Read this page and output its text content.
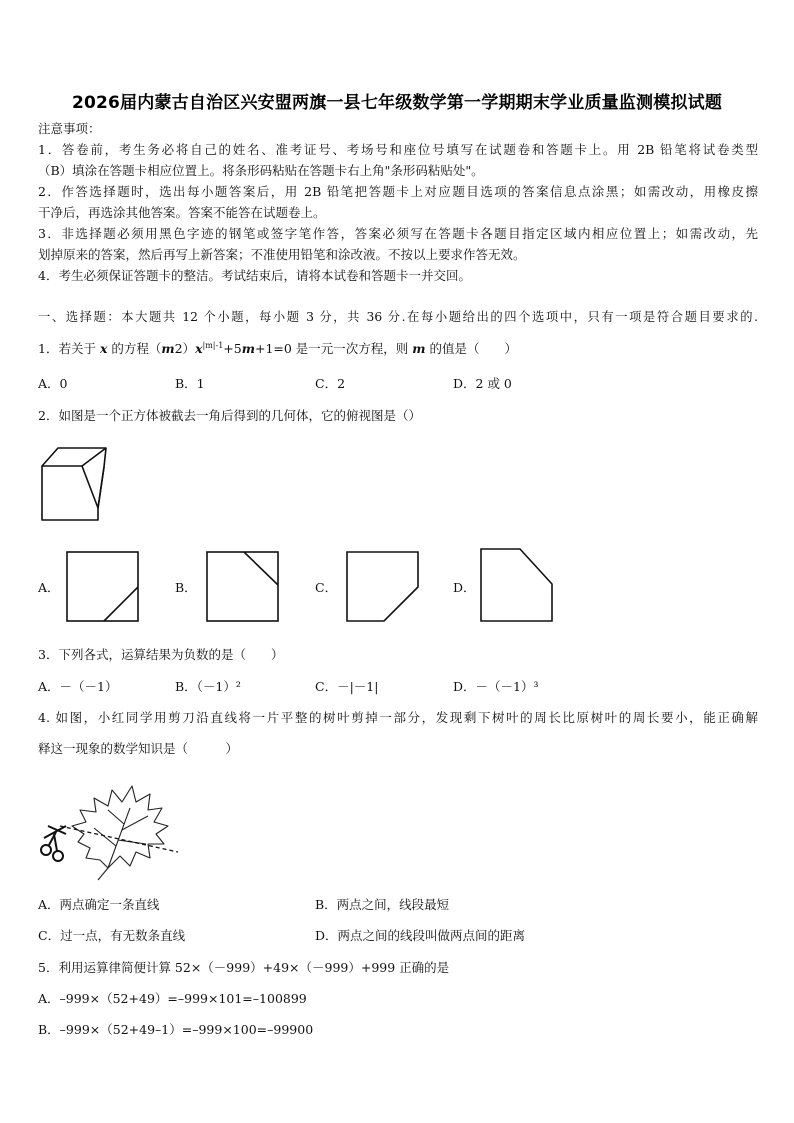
2026届内蒙古自治区兴安盟两旗一县七年级数学第一学期期末学业质量监测模拟试题
注意事项：
1．答卷前，考生务必将自己的姓名、准考证号、考场号和座位号填写在试题卷和答题卡上。用 2B 铅笔将试卷类型
（B）填涂在答题卡相应位置上。将条形码粘贴在答题卡右上角"条形码粘贴处"。
2．作答选择题时，选出每小题答案后，用 2B 铅笔把答题卡上对应题目选项的答案信息点涂黑；如需改动，用橡皮擦
干净后，再选涂其他答案。答案不能答在试题卷上。
3．非选择题必须用黑色字迹的钢笔或签字笔作答，答案必须写在答题卡各题目指定区域内相应位置上；如需改动，先
划掉原来的答案，然后再写上新答案；不准使用铅笔和涂改液。不按以上要求作答无效。
4．考生必须保证答题卡的整洁。考试结束后，请将本试卷和答题卡一并交回。
一、选择题：本大题共 12 个小题，每小题 3 分，共 36 分.在每小题给出的四个选项中，只有一项是符合题目要求的.
1．若关于 x 的方程$(m2)x^{|m|-1}+5m+1=0$ 是一元一次方程，则 m 的值是（　　）
A．0	B．1	C．2	D．2 或 0
2．如图是一个正方体被截去一角后得到的几何体，它的俯视图是（）
A．	B．	C．	D．
3．下列各式，运算结果为负数的是（　　）
A．－（－1）	B．（－1）²	C．－|－1|	D．－（－1）³
4. 如图，小红同学用剪刀沿直线将一片平整的树叶剪掉一部分，发现剩下树叶的周长比原树叶的周长要小，能正确解
释这一现象的数学知识是（　　　）
A．两点确定一条直线	B．两点之间，线段最短
C．过一点，有无数条直线	D．两点之间的线段叫做两点间的距离
5．利用运算律简便计算 52×（－999）+49×（－999）+999 正确的是
A．–999×（52+49）=–999×101=–100899
B．–999×（52+49–1）=–999×100=–99900
